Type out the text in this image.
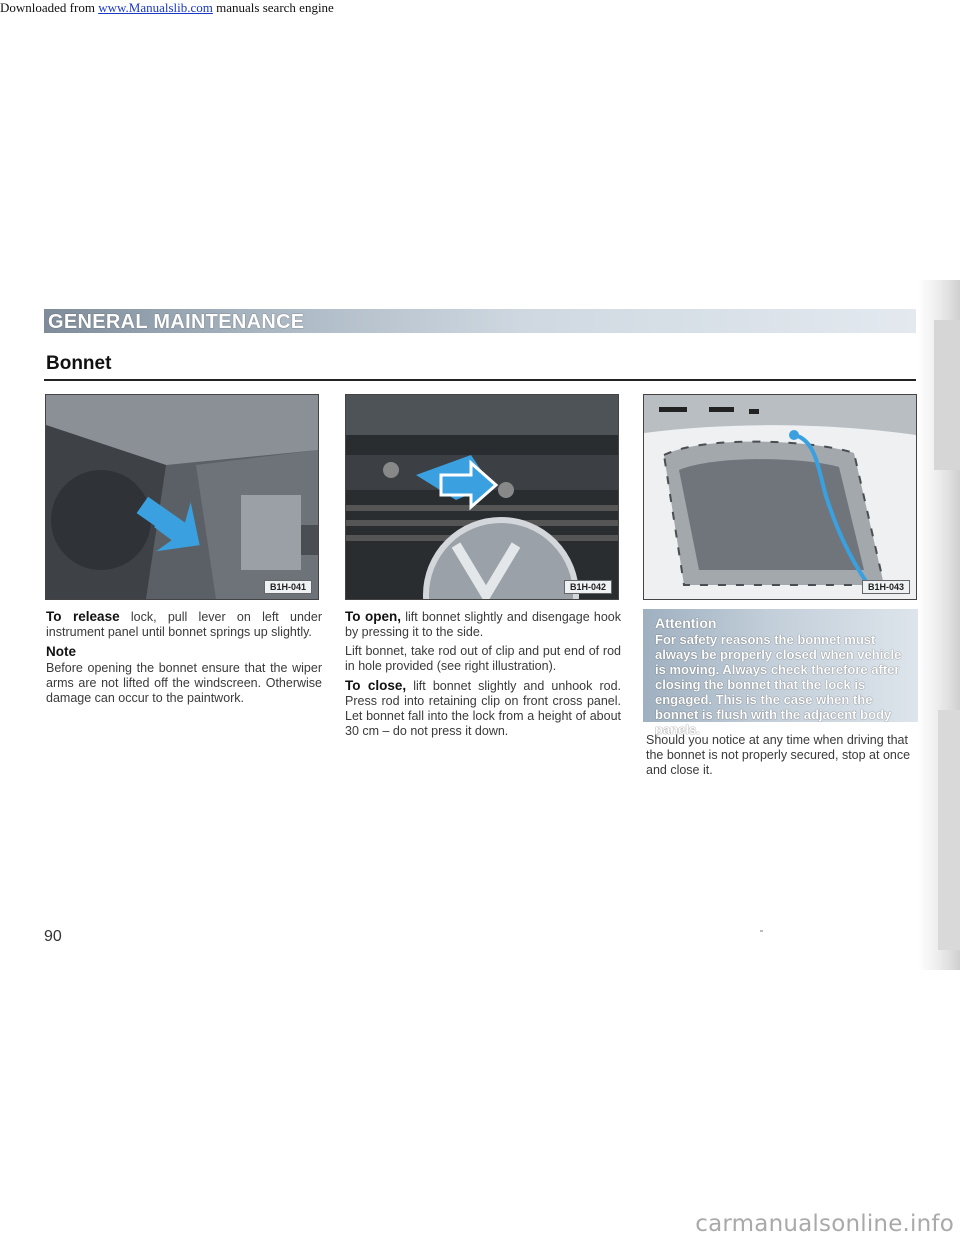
Downloaded from www.Manualslib.com manuals search engine
GENERAL MAINTENANCE
Bonnet
B1H-041	B1H-042	B1H-043

To release lock, pull lever on left under instrument panel until bonnet springs up slightly.

Note

Before opening the bonnet ensure that the wiper arms are not lifted off the windscreen. Otherwise damage can occur to the paintwork.

To open, lift bonnet slightly and disengage hook by pressing it to the side.

Lift bonnet, take rod out of clip and put end of rod in hole provided (see right illustration).

To close, lift bonnet slightly and unhook rod. Press rod into retaining clip on front cross panel. Let bonnet fall into the lock from a height of about 30 cm – do not press it down.

Attention
For safety reasons the bonnet must always be properly closed when vehicle is moving. Always check therefore after closing the bonnet that the lock is engaged. This is the case when the bonnet is flush with the adjacent body panels.
Should you notice at any time when driving that the bonnet is not properly secured, stop at once and close it.
90
carmanualsonline.info
